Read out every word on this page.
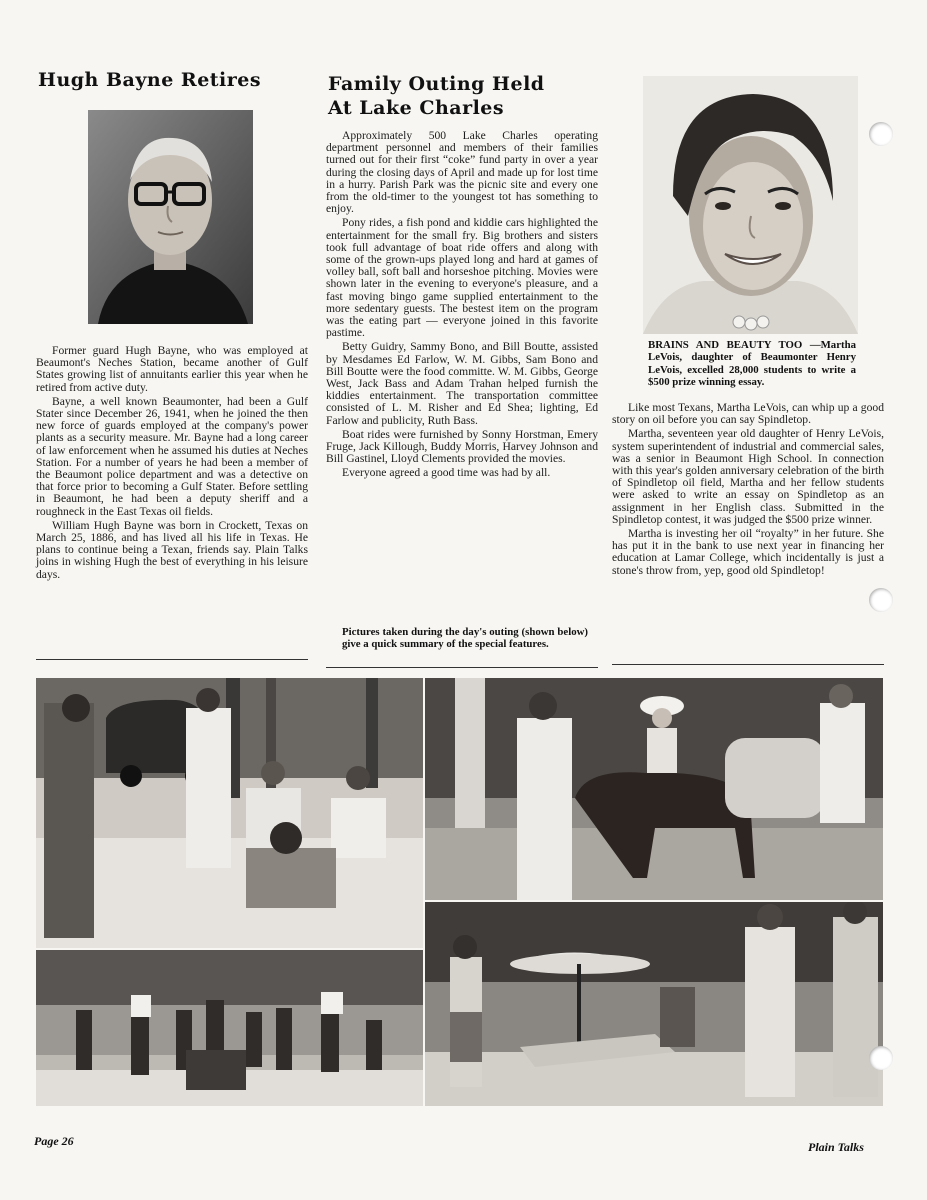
Hugh Bayne Retires

Former guard Hugh Bayne, who was employed at Beaumont's Neches Station, became another of Gulf States growing list of annuitants earlier this year when he retired from active duty.

Bayne, a well known Beaumonter, had been a Gulf Stater since December 26, 1941, when he joined the then new force of guards employed at the company's power plants as a security measure. Mr. Bayne had a long career of law enforcement when he assumed his duties at Neches Station. For a number of years he had been a member of the Beaumont police department and was a detective on that force prior to becoming a Gulf Stater. Before settling in Beaumont, he had been a deputy sheriff and a roughneck in the East Texas oil fields.

William Hugh Bayne was born in Crockett, Texas on March 25, 1886, and has lived all his life in Texas. He plans to continue being a Texan, friends say. Plain Talks joins in wishing Hugh the best of everything in his leisure days.

Family Outing Held
At Lake Charles

Approximately 500 Lake Charles operating department personnel and members of their families turned out for their first “coke” fund party in over a year during the closing days of April and made up for lost time in a hurry. Parish Park was the picnic site and every one from the old-timer to the youngest tot has something to enjoy.

Pony rides, a fish pond and kiddie cars highlighted the entertainment for the small fry. Big brothers and sisters took full advantage of boat ride offers and along with some of the grown-ups played long and hard at games of volley ball, soft ball and horseshoe pitching. Movies were shown later in the evening to everyone's pleasure, and a fast moving bingo game supplied entertainment to the more sedentary guests. The bestest item on the program was the eating part — everyone joined in this favorite pastime.

Betty Guidry, Sammy Bono, and Bill Boutte, assisted by Mesdames Ed Farlow, W. M. Gibbs, Sam Bono and Bill Boutte were the food committe. W. M. Gibbs, George West, Jack Bass and Adam Trahan helped furnish the kiddies entertainment. The transportation committee consisted of L. M. Risher and Ed Shea; lighting, Ed Farlow and publicity, Ruth Bass.

Boat rides were furnished by Sonny Horstman, Emery Fruge, Jack Killough, Buddy Morris, Harvey Johnson and Bill Gastinel, Lloyd Clements provided the movies.

Everyone agreed a good time was had by all.

Pictures taken during the day's outing (shown below) give a quick summary of the special features.

BRAINS AND BEAUTY TOO —Martha LeVois, daughter of Beaumonter Henry LeVois, excelled 28,000 students to write a $500 prize winning essay.

Like most Texans, Martha LeVois, can whip up a good story on oil before you can say Spindletop.

Martha, seventeen year old daughter of Henry LeVois, system superintendent of industrial and commercial sales, was a senior in Beaumont High School. In connection with this year's golden anniversary celebration of the birth of Spindletop oil field, Martha and her fellow students were asked to write an essay on Spindletop as an assignment in her English class. Submitted in the Spindletop contest, it was judged the $500 prize winner.

Martha is investing her oil “royalty” in her future. She has put it in the bank to use next year in financing her education at Lamar College, which incidentally is just a stone's throw from, yep, good old Spindletop!

Page 26	Plain Talks
